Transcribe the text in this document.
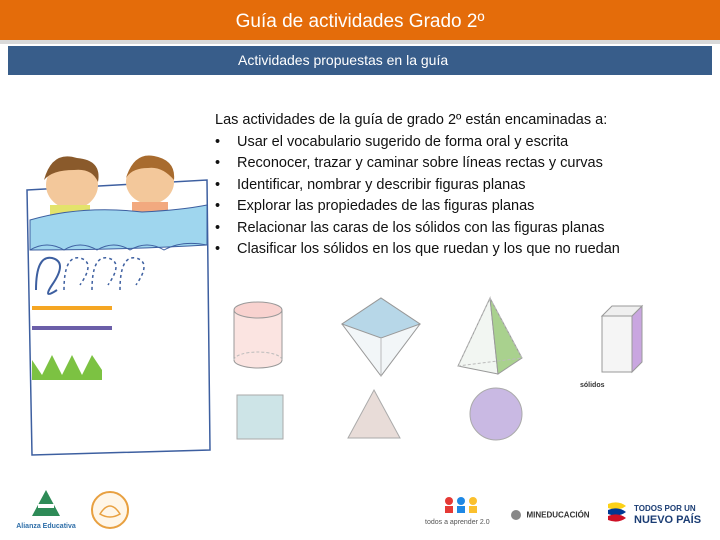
Guía de actividades Grado 2º
Actividades propuestas en la guía
Las actividades de la guía de grado 2º están encaminadas a:
• Usar el vocabulario sugerido de forma oral y escrita
• Reconocer, trazar y caminar sobre líneas rectas y curvas
• Identificar, nombrar y describir figuras planas
• Explorar las propiedades de las figuras planas
• Relacionar las caras de los sólidos con las figuras planas
• Clasificar los sólidos en los que ruedan y los que no ruedan
sólidos
Alianza Educativa
todos a aprender 2.0
MINEDUCACIÓN
TODOS POR UN
NUEVO PAÍS
